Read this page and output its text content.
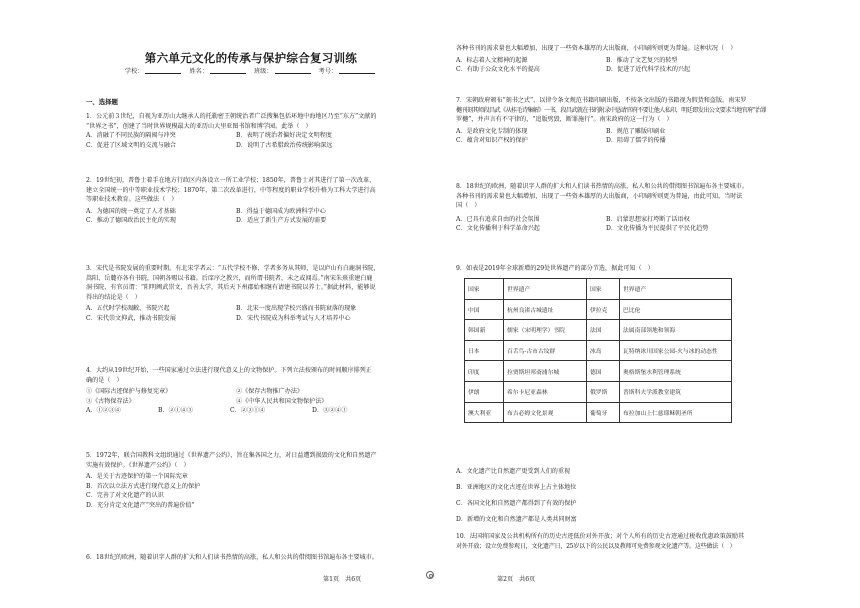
第六单元文化的传承与保护综合复习训练
学校：	姓名：	班级：	考号：
一、选择题
1．公元前３世纪，自视为亚历山大继承人的托勒密王朝统治者广泛搜集包括环地中海地区乃至“东方”文献的
“世界之书”，创建了当时世界规模最大的亚历山大里亚图书馆和博学园。此举（　）
A．消融了不同民族的隔阂与冲突	B．表明了统治者偏好决定文明程度
C．促进了区域文明的交流与融合	D．说明了古希腊政治传统影响深远
2．19世纪初，普鲁士着手在地方行政区内各设立一所工业学校；1850年，普鲁士对其进行了第一次改革，
建立全国统一的中等职业技术学校；1870年，第二次改革进行，中等程度的职业学校升格为工科大学进行高
等职业技术教育。这些做法（　）
A．为德国的统一奠定了人才基础	B．得益于德国成为欧洲科学中心
C．推动了德国政治民主化的实现	D．适应了新生产方式发展的需要
3．宋代是书院发展的重要时期。有北宋学者云：“五代学校不修，学者多务从其师，是以庐山有白鹿洞书院，
嵩阳、岳麓亦各有书院，国朝各赐以书籍。后庠序之教兴，而所谓书院者，未之或闻焉。”南宋朱熹重建白鹿
洞书院，有官员谓：“阳明阙武崇文，吾善太学，其后天下州郡始相继有请建书院以养士。”据此材料，能够说
得出的结论是（　）
A．五代时学校凋敝、书院兴起	B．北宋一度出现学校兴盛而书院衰落的现象
C．宋代崇文抑武，推动书院发展	D．宋代书院成为科举考试与人才培养中心
4．大约从19世纪开始，一些国家通过立法进行现代意义上的文物保护。下列立法按颁布的时间顺序排列正
确的是（　）
①《国际古迹保护与修复宪章》	②《保存古物推广办法》
③《古物保存法》	④《中华人民共和国文物保护法》
A．①②③④	B．②①④③	C．②③①④	D．③②④①
5．1972年，联合国教科文组织通过《世界遗产公约》，旨在集各国之力，对日益遭到损毁的文化和自然遗产
实施有效保护。《世界遗产公约》（　）
A．是关于古迹保护的第一个国际宪章
B．首次以立法方式进行现代意义上的保护
C．完善了对文化遗产的认识
D．充分肯定文化遗产“突出的普遍价值”
6．18世纪的欧洲，随着识字人群的扩大和人们读书热情的高涨，私人和公共的借阅图书馆遍布各主要城市。
第1页　共6页
各种书刊的需求量也大幅增加，出现了一些资本雄厚的大出版商，小印刷所则更为普遍。这种状况（　）
A．标志着人文精神的起源	B．推动了文艺复兴的转型
C．有助于公众文化水平的提高	D．促进了近代科学技术的兴起
7．宋朝政府颁布“刻书之式”，以律令条文规范书籍印刷出版，不按条文出版的书籍视为假货和盗版。南宋罗
樾刊刻其师段昌武《从桂毛诗集解》一书，段昌武就在书的附录中恳请官府不要让他人私印，明廷即发出公文要求当地官府“治罪
罗樾”，并声言有不守律的，“追版劈毁，断罪施行”。南宋政府的这一行为（　）
A．是政府文化专制的体现	B．规范了雕版印刷业
C．蕴含对知识产权的保护	D．阻碍了儒学的传播
8．18世纪的欧洲，随着识字人群的扩大和人们读书热情的高涨，私人和公共的借阅图书馆遍布各主要城市。
各种书刊的需求量也大幅增加，出现了一些资本雄厚的大出版商，小印刷所则更为普遍，由此可知，当时法
国（　）
A．已具有追求自由的社会氛围	B．启蒙思想家打垮断了话语权
C．文化传播利于科学革命兴起	D．文化传播为平民提供了平民化趋势
9．如表是2019年全球新增的29处世界遗产的部分节选，据此可知（　）
国家	世界遗产	国家	世界遗产
中国	杭州良渚古城遗址	伊拉克	巴比伦
韩国新	儒家（宋明理学）书院	法国	法属南部领地和领海
日本	百舌鸟-古市古坟群	冰岛	瓦特纳冰川国家公园-火与冰的动态性
印度	拉贾斯坦邦斋浦尔城	德国	奥格斯堡水利管理系统
伊朗	希尔卡尼亚森林	俄罗斯	普斯科夫学派教堂建筑
澳大利亚	布吉必姆文化景观	葡萄牙	布拉加山上仁慈耶稣朝圣所
A．文化遗产比自然遗产更受到人们的重视
B．亚洲地区的文化古迹在世界上占主体地位
C．各国文化和自然遗产都得到了有效的保护
D．新增的文化和自然遗产都是人类共同财富
10．法国将国家及公共机构所有的历史古迹低价对外开放；对个人所有的历史古迹通过税收优惠政策鼓励其
对外开放；设立免费参观日，文化遗产日，25岁以下的公民以及教师可免费参观文化遗产等。这些做法（　）
第2页　共6页
